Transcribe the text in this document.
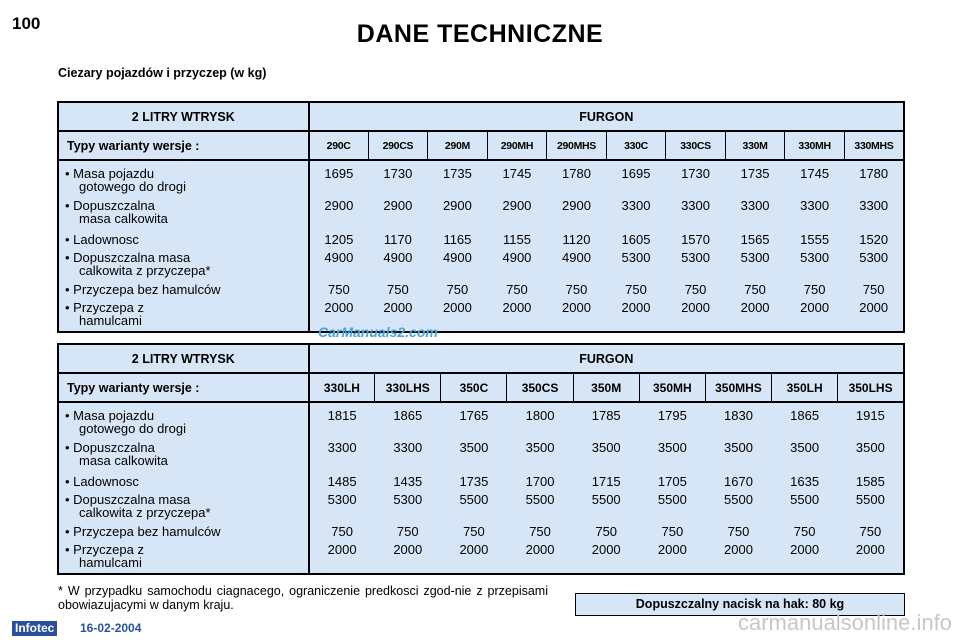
100	DANE TECHNICZNE
Ciezary pojazdów i przyczep (w kg)
2 LITRY WTRYSK	FURGON									
Typy warianty wersje :	290C	290CS	290M	290MH	290MHS	330C	330CS	330M	330MH	330MHS

• Masa pojazdu
gotowego do drogi	1695	1730	1735	1745	1780	1695	1730	1735	1745	1780

• Dopuszczalna
masa calkowita	2900	2900	2900	2900	2900	3300	3300	3300	3300	3300

• Ladownosc	1205	1170	1165	1155	1120	1605	1570	1565	1555	1520

• Dopuszczalna masa
calkowita z przyczepa*	4900	4900	4900	4900	4900	5300	5300	5300	5300	5300

• Przyczepa bez hamulców	750	750	750	750	750	750	750	750	750	750

• Przyczepa z
hamulcami	2000	2000	2000	2000	2000	2000	2000	2000	2000	2000
2 LITRY WTRYSK	FURGON								
Typy warianty wersje :	330LH	330LHS	350C	350CS	350M	350MH	350MHS	350LH	350LHS

• Masa pojazdu
gotowego do drogi	1815	1865	1765	1800	1785	1795	1830	1865	1915

• Dopuszczalna
masa calkowita	3300	3300	3500	3500	3500	3500	3500	3500	3500

• Ladownosc	1485	1435	1735	1700	1715	1705	1670	1635	1585

• Dopuszczalna masa
calkowita z przyczepa*	5300	5300	5500	5500	5500	5500	5500	5500	5500

• Przyczepa bez hamulców	750	750	750	750	750	750	750	750	750

• Przyczepa z
hamulcami	2000	2000	2000	2000	2000	2000	2000	2000	2000
CarManuals2.com
* W przypadku samochodu ciagnacego, ograniczenie predkosci zgod-nie z przepisami obowiazujacymi w danym kraju.	Dopuszczalny nacisk na hak: 80 kg
Infotec 16-02-2004	carmanualsonline.info
